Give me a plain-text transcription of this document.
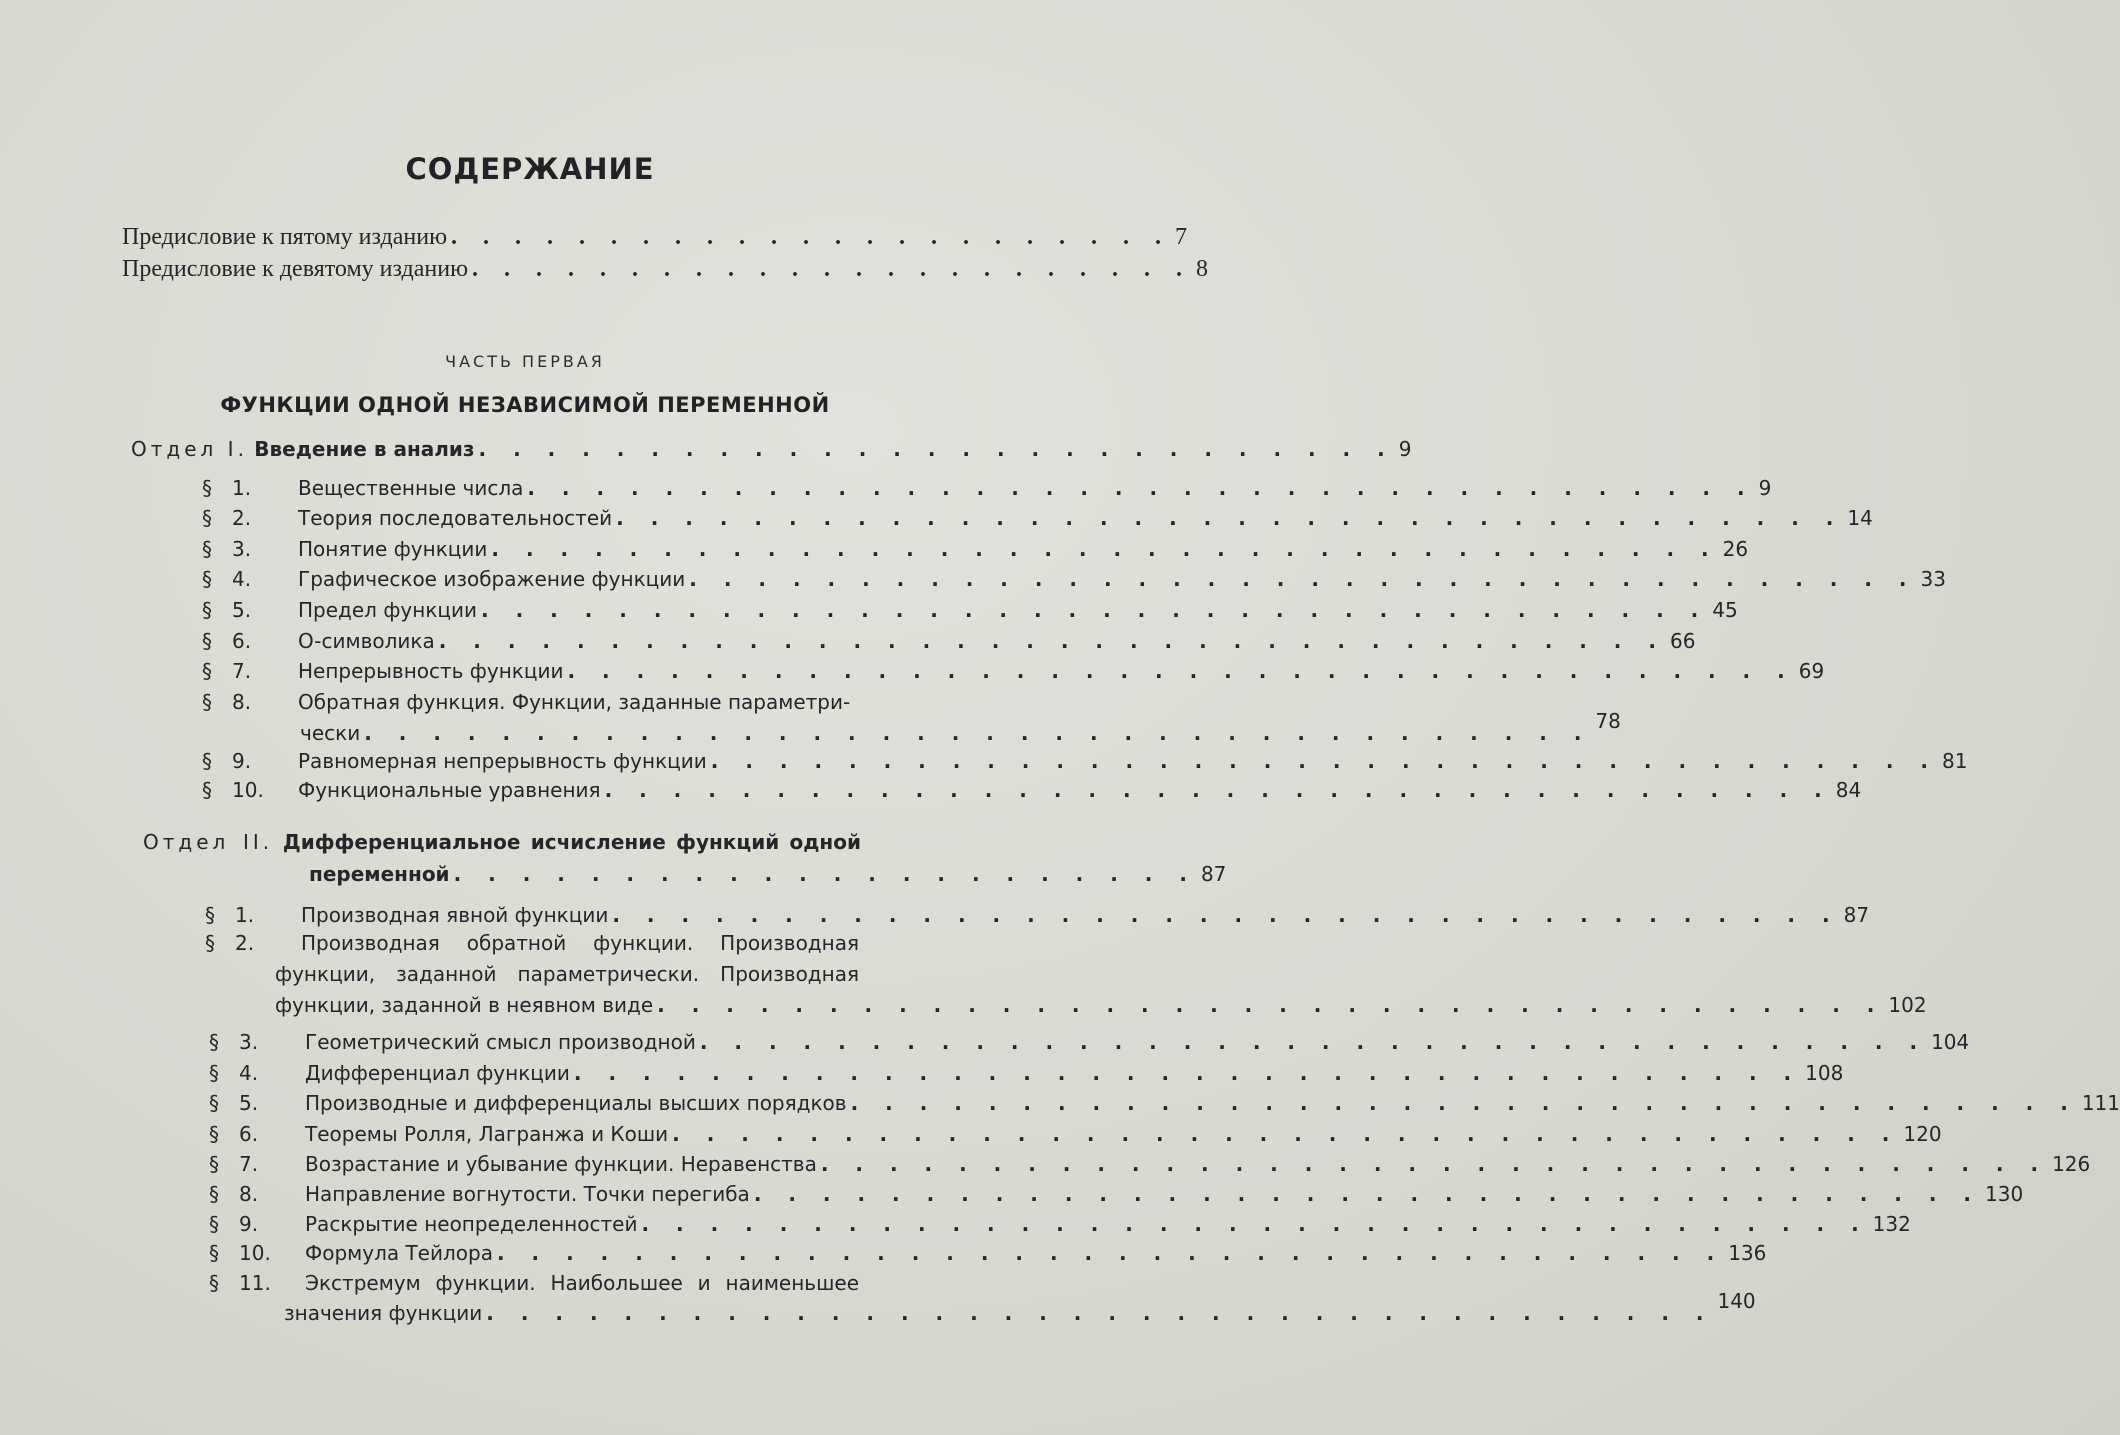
СОДЕРЖАНИЕ
Предисловие к пятому изданию . . . . . . . . . . . . . . . . . . . . . . . 7
Предисловие к девятому изданию . . . . . . . . . . . . . . . . . . . . . . . 8
ЧАСТЬ ПЕРВАЯ
ФУНКЦИИ ОДНОЙ НЕЗАВИСИМОЙ ПЕРЕМЕННОЙ
Отдел I. Введение в анализ . . . . . . . . . . . . . . . . . . . . . . . . . . . 9
§ 1. Вещественные числа . . . . . . . . . . . . . . . . . . . . . . . . . . . . . . . . . . . . 9
§ 2. Теория последовательностей . . . . . . . . . . . . . . . . . . . . . . . . . . . . . . . . . . . . 14
§ 3. Понятие функции . . . . . . . . . . . . . . . . . . . . . . . . . . . . . . . . . . . . 26
§ 4. Графическое изображение функции . . . . . . . . . . . . . . . . . . . . . . . . . . . . . . . . . . . . 33
§ 5. Предел функции . . . . . . . . . . . . . . . . . . . . . . . . . . . . . . . . . . . . 45
§ 6. O-символика . . . . . . . . . . . . . . . . . . . . . . . . . . . . . . . . . . . . 66
§ 7. Непрерывность функции . . . . . . . . . . . . . . . . . . . . . . . . . . . . . . . . . . . . 69
§ 8. Обратная функция. Функции, заданные параметри-
чески . . . . . . . . . . . . . . . . . . . . . . . . . . . . . . . . . . . . 78
§ 9. Равномерная непрерывность функции . . . . . . . . . . . . . . . . . . . . . . . . . . . . . . . . . . . . 81
§ 10. Функциональные уравнения . . . . . . . . . . . . . . . . . . . . . . . . . . . . . . . . . . . . 84
Отдел II. Дифференциальное исчисление функций одной
переменной . . . . . . . . . . . . . . . . . . . . . . 87
§ 1. Производная явной функции . . . . . . . . . . . . . . . . . . . . . . . . . . . . . . . . . . . . 87
§ 2. Производная обратной функции. Производная
функции, заданной параметрически. Производная
функции, заданной в неявном виде . . . . . . . . . . . . . . . . . . . . . . . . . . . . . . . . . . . . 102
§ 3. Геометрический смысл производной . . . . . . . . . . . . . . . . . . . . . . . . . . . . . . . . . . . . 104
§ 4. Дифференциал функции . . . . . . . . . . . . . . . . . . . . . . . . . . . . . . . . . . . . 108
§ 5. Производные и дифференциалы высших порядков . . . . . . . . . . . . . . . . . . . . . . . . . . . . . . . . . . . . 111
§ 6. Теоремы Ролля, Лагранжа и Коши . . . . . . . . . . . . . . . . . . . . . . . . . . . . . . . . . . . . 120
§ 7. Возрастание и убывание функции. Неравенства . . . . . . . . . . . . . . . . . . . . . . . . . . . . . . . . . . . . 126
§ 8. Направление вогнутости. Точки перегиба . . . . . . . . . . . . . . . . . . . . . . . . . . . . . . . . . . . . 130
§ 9. Раскрытие неопределенностей . . . . . . . . . . . . . . . . . . . . . . . . . . . . . . . . . . . . 132
§ 10. Формула Тейлора . . . . . . . . . . . . . . . . . . . . . . . . . . . . . . . . . . . . 136
§ 11. Экстремум функции. Наибольшее и наименьшее
значения функции . . . . . . . . . . . . . . . . . . . . . . . . . . . . . . . . . . . . 140
